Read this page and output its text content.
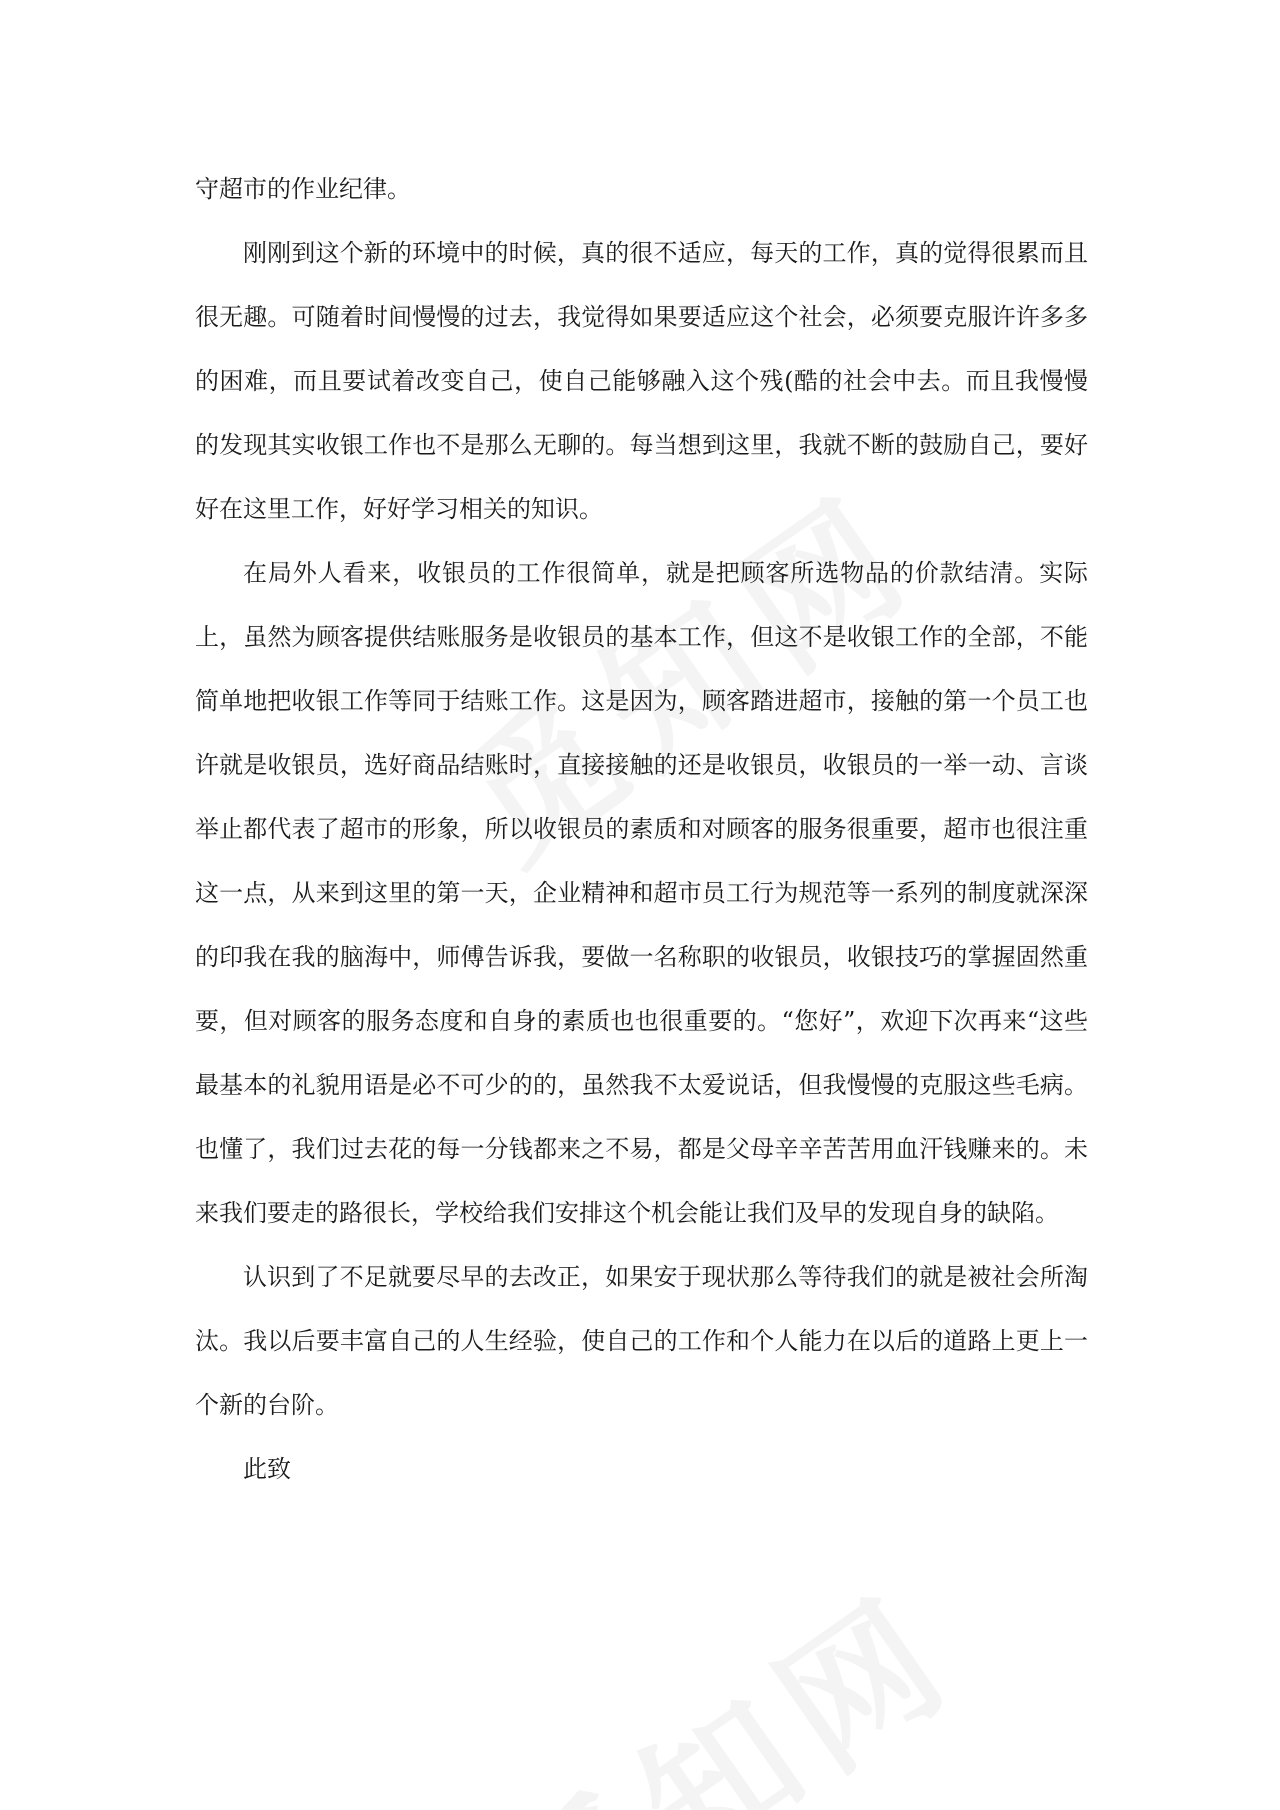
守超市的作业纪律。

刚刚到这个新的环境中的时候，真的很不适应，每天的工作，真的觉得很累而且很无趣。可随着时间慢慢的过去，我觉得如果要适应这个社会，必须要克服许许多多的困难，而且要试着改变自己，使自己能够融入这个残(酷的社会中去。而且我慢慢的发现其实收银工作也不是那么无聊的。每当想到这里，我就不断的鼓励自己，要好好在这里工作，好好学习相关的知识。

在局外人看来，收银员的工作很简单，就是把顾客所选物品的价款结清。实际上，虽然为顾客提供结账服务是收银员的基本工作，但这不是收银工作的全部，不能简单地把收银工作等同于结账工作。这是因为，顾客踏进超市，接触的第一个员工也许就是收银员，选好商品结账时，直接接触的还是收银员，收银员的一举一动、言谈举止都代表了超市的形象，所以收银员的素质和对顾客的服务很重要，超市也很注重这一点，从来到这里的第一天，企业精神和超市员工行为规范等一系列的制度就深深的印我在我的脑海中，师傅告诉我，要做一名称职的收银员，收银技巧的掌握固然重要，但对顾客的服务态度和自身的素质也也很重要的。“您好”，欢迎下次再来“这些最基本的礼貌用语是必不可少的的，虽然我不太爱说话，但我慢慢的克服这些毛病。也懂了，我们过去花的每一分钱都来之不易，都是父母辛辛苦苦用血汗钱赚来的。未来我们要走的路很长，学校给我们安排这个机会能让我们及早的发现自身的缺陷。

认识到了不足就要尽早的去改正，如果安于现状那么等待我们的就是被社会所淘汰。我以后要丰富自己的人生经验，使自己的工作和个人能力在以后的道路上更上一个新的台阶。

此致
